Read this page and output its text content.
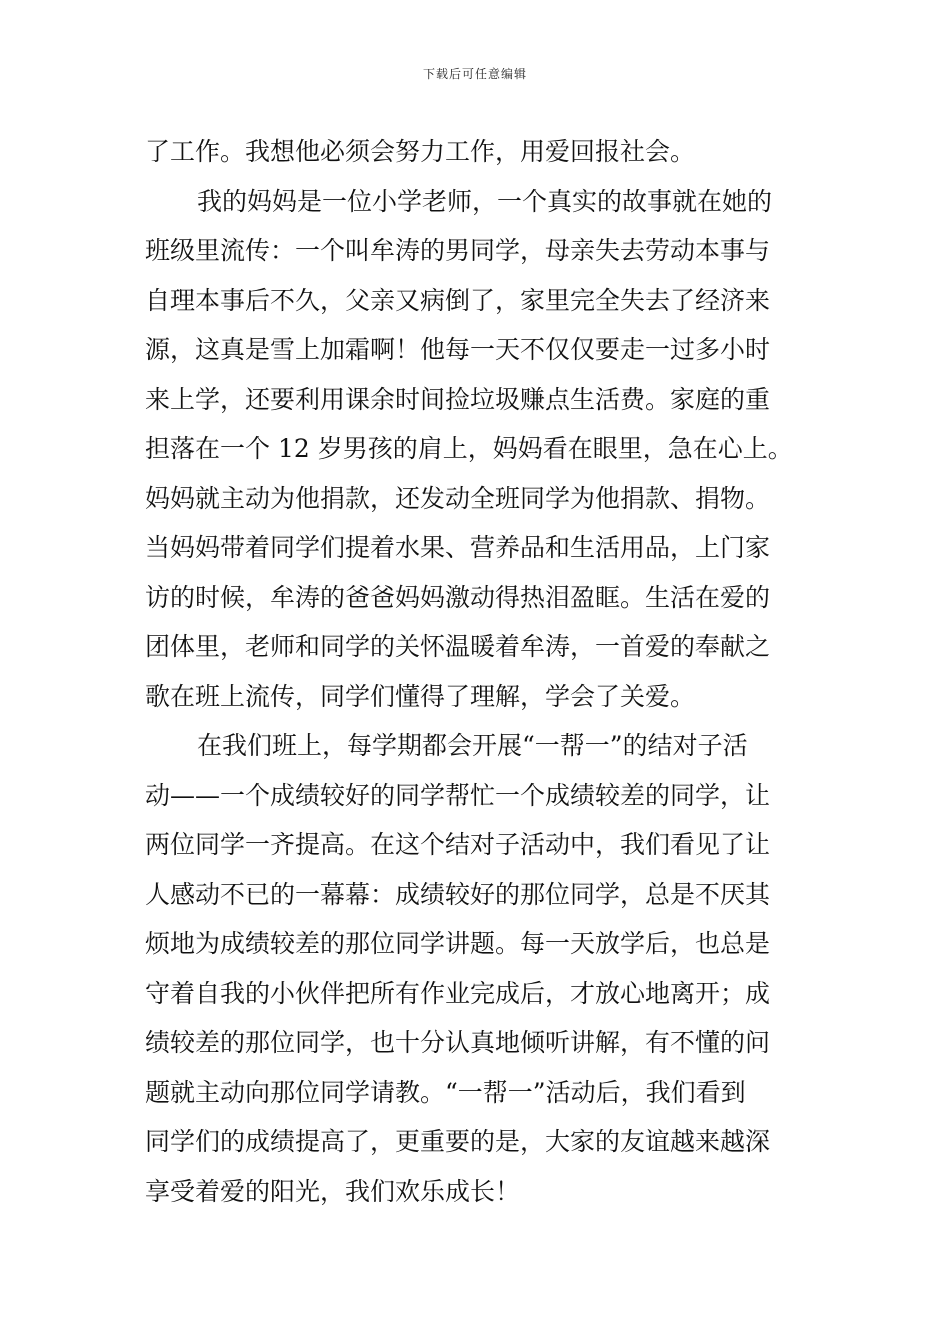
下载后可任意编辑
了工作。我想他必须会努力工作，用爱回报社会。
我的妈妈是一位小学老师，一个真实的故事就在她的
班级里流传：一个叫牟涛的男同学，母亲失去劳动本事与
自理本事后不久，父亲又病倒了，家里完全失去了经济来
源，这真是雪上加霜啊！他每一天不仅仅要走一过多小时
来上学，还要利用课余时间捡垃圾赚点生活费。家庭的重
担落在一个 12 岁男孩的肩上，妈妈看在眼里，急在心上。
妈妈就主动为他捐款，还发动全班同学为他捐款、捐物。
当妈妈带着同学们提着水果、营养品和生活用品，上门家
访的时候，牟涛的爸爸妈妈激动得热泪盈眶。生活在爱的
团体里，老师和同学的关怀温暖着牟涛，一首爱的奉献之
歌在班上流传，同学们懂得了理解，学会了关爱。
在我们班上，每学期都会开展“一帮一”的结对子活
动——一个成绩较好的同学帮忙一个成绩较差的同学，让
两位同学一齐提高。在这个结对子活动中，我们看见了让
人感动不已的一幕幕：成绩较好的那位同学，总是不厌其
烦地为成绩较差的那位同学讲题。每一天放学后，也总是
守着自我的小伙伴把所有作业完成后，才放心地离开；成
绩较差的那位同学，也十分认真地倾听讲解，有不懂的问
题就主动向那位同学请教。“一帮一”活动后，我们看到
同学们的成绩提高了，更重要的是，大家的友谊越来越深
享受着爱的阳光，我们欢乐成长！
